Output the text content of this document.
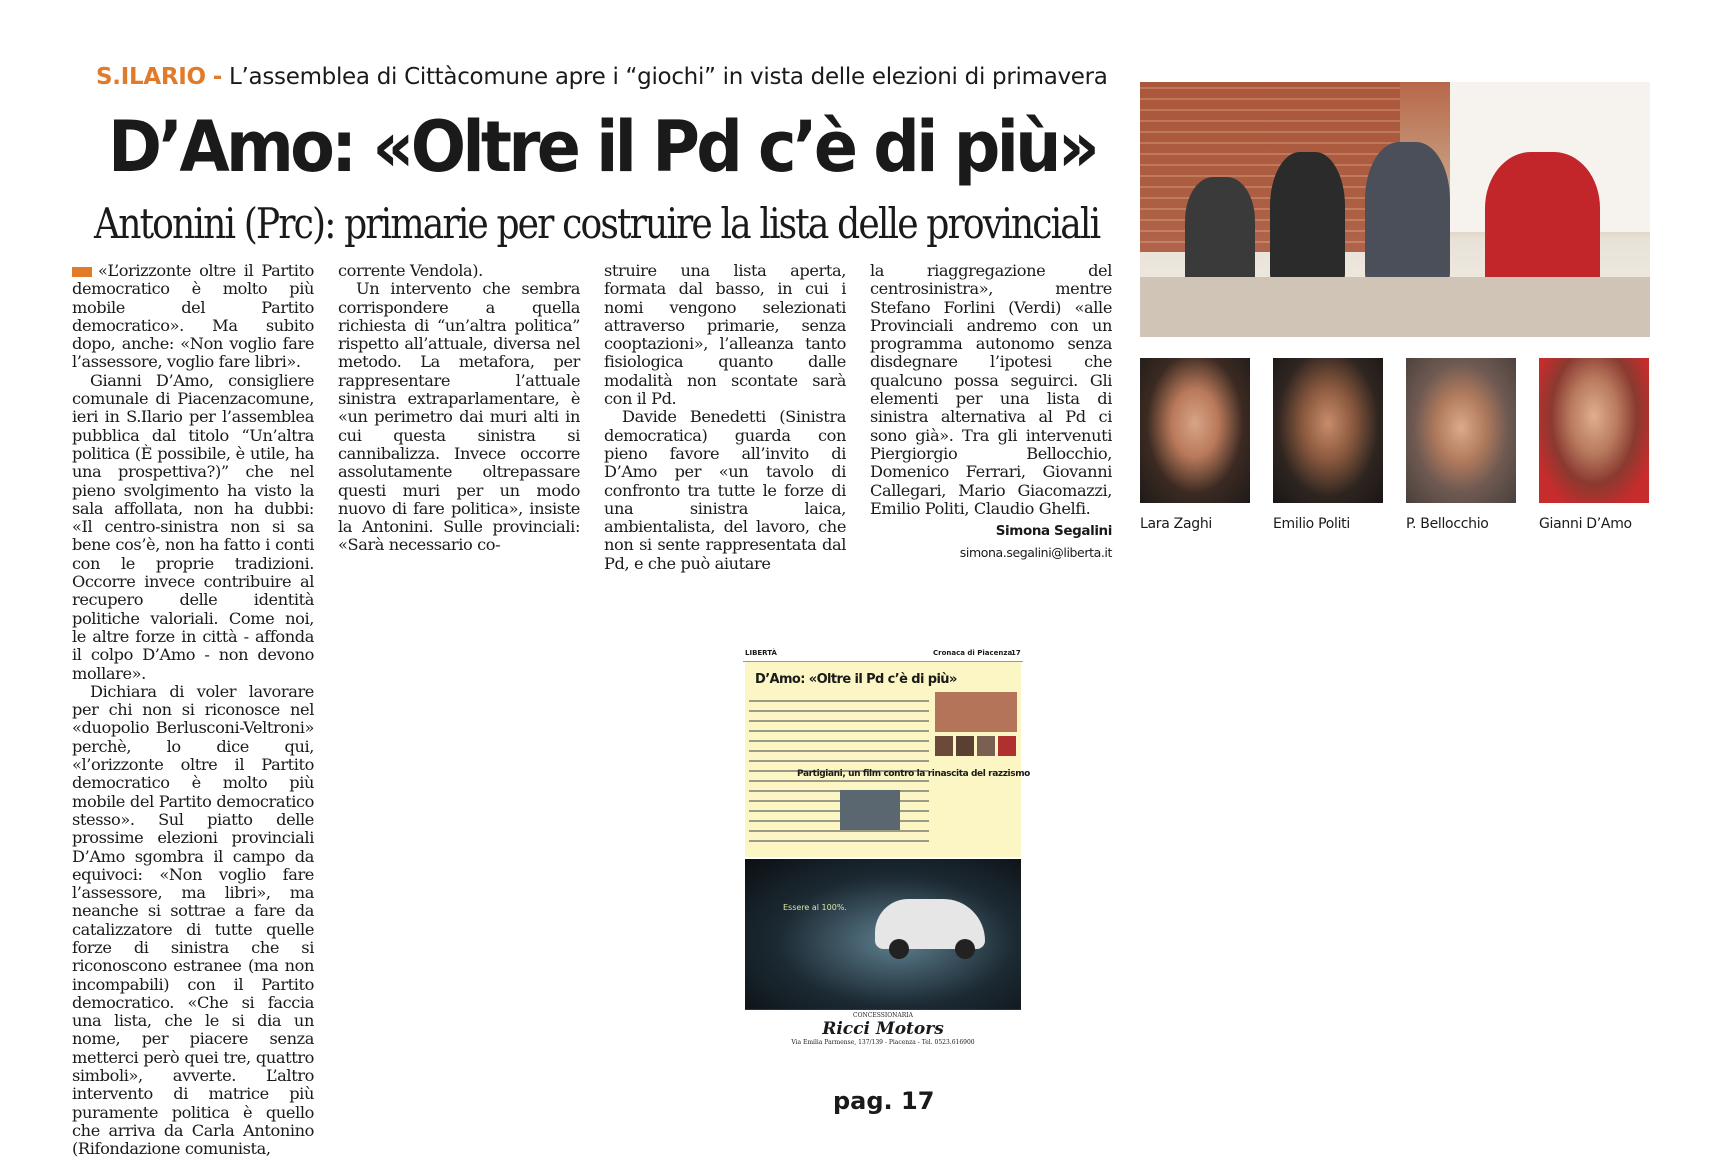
S.ILARIO - L’assemblea di Cittàcomune apre i “giochi” in vista delle elezioni di primavera
D’Amo: «Oltre il Pd c’è di più»
Antonini (Prc): primarie per costruire la lista delle provinciali

«L’orizzonte oltre il Partito democratico è molto più mobile del Partito democratico». Ma subito dopo, anche: «Non voglio fare l’assessore, voglio fare libri».

Gianni D’Amo, consigliere comunale di Piacenzacomune, ieri in S.Ilario per l’assemblea pubblica dal titolo “Un’altra politica (È possibile, è utile, ha una prospettiva?)” che nel pieno svolgimento ha visto la sala affollata, non ha dubbi: «Il centro-sinistra non si sa bene cos’è, non ha fatto i conti con le proprie tradizioni. Occorre invece contribuire al recupero delle identità politiche valoriali. Come noi, le altre forze in città - affonda il colpo D’Amo - non devono mollare».

Dichiara di voler lavorare per chi non si riconosce nel «duopolio Berlusconi-Veltroni» perchè, lo dice qui, «l’orizzonte oltre il Partito democratico è molto più mobile del Partito democratico stesso». Sul piatto delle prossime elezioni provinciali D’Amo sgombra il campo da equivoci: «Non voglio fare l’assessore, ma libri», ma neanche si sottrae a fare da catalizzatore di tutte quelle forze di sinistra che si riconoscono estranee (ma non incompabili) con il Partito democratico. «Che si faccia una lista, che le si dia un nome, per piacere senza metterci però quei tre, quattro simboli», avverte. L’altro intervento di matrice più puramente politica è quello che arriva da Carla Antonino (Rifondazione comunista,

corrente Vendola).

Un intervento che sembra corrispondere a quella richiesta di “un’altra politica” rispetto all’attuale, diversa nel metodo. La metafora, per rappresentare l’attuale sinistra extraparlamentare, è «un perimetro dai muri alti in cui questa sinistra si cannibalizza. Invece occorre assolutamente oltrepassare questi muri per un modo nuovo di fare politica», insiste la Antonini. Sulle provinciali: «Sarà necessario co-

struire una lista aperta, formata dal basso, in cui i nomi vengono selezionati attraverso primarie, senza cooptazioni», l’alleanza tanto fisiologica quanto dalle modalità non scontate sarà con il Pd.

Davide Benedetti (Sinistra democratica) guarda con pieno favore all’invito di D’Amo per «un tavolo di confronto tra tutte le forze di una sinistra laica, ambientalista, del lavoro, che non si sente rappresentata dal Pd, e che può aiutare

la riaggregazione del centrosinistra», mentre Stefano Forlini (Verdi) «alle Provinciali andremo con un programma autonomo senza disdegnare l’ipotesi che qualcuno possa seguirci. Gli elementi per una lista di sinistra alternativa al Pd ci sono già». Tra gli intervenuti Piergiorgio Bellocchio, Domenico Ferrari, Giovanni Callegari, Mario Giacomazzi, Emilio Politi, Claudio Ghelfi.

Simona Segalini
simona.segalini@liberta.it
Lara Zaghi	Emilio Politi	P. Bellocchio	Gianni D’Amo
LIBERTÀ	Cronaca di Piacenza
17
D’Amo: «Oltre il Pd c’è di più»
Partigiani, un film contro la rinascita del razzismo
Essere al 100%.
CONCESSIONARIA
Ricci Motors
Via Emilia Parmense, 137/139 - Piacenza - Tel. 0523.616900
pag. 17
